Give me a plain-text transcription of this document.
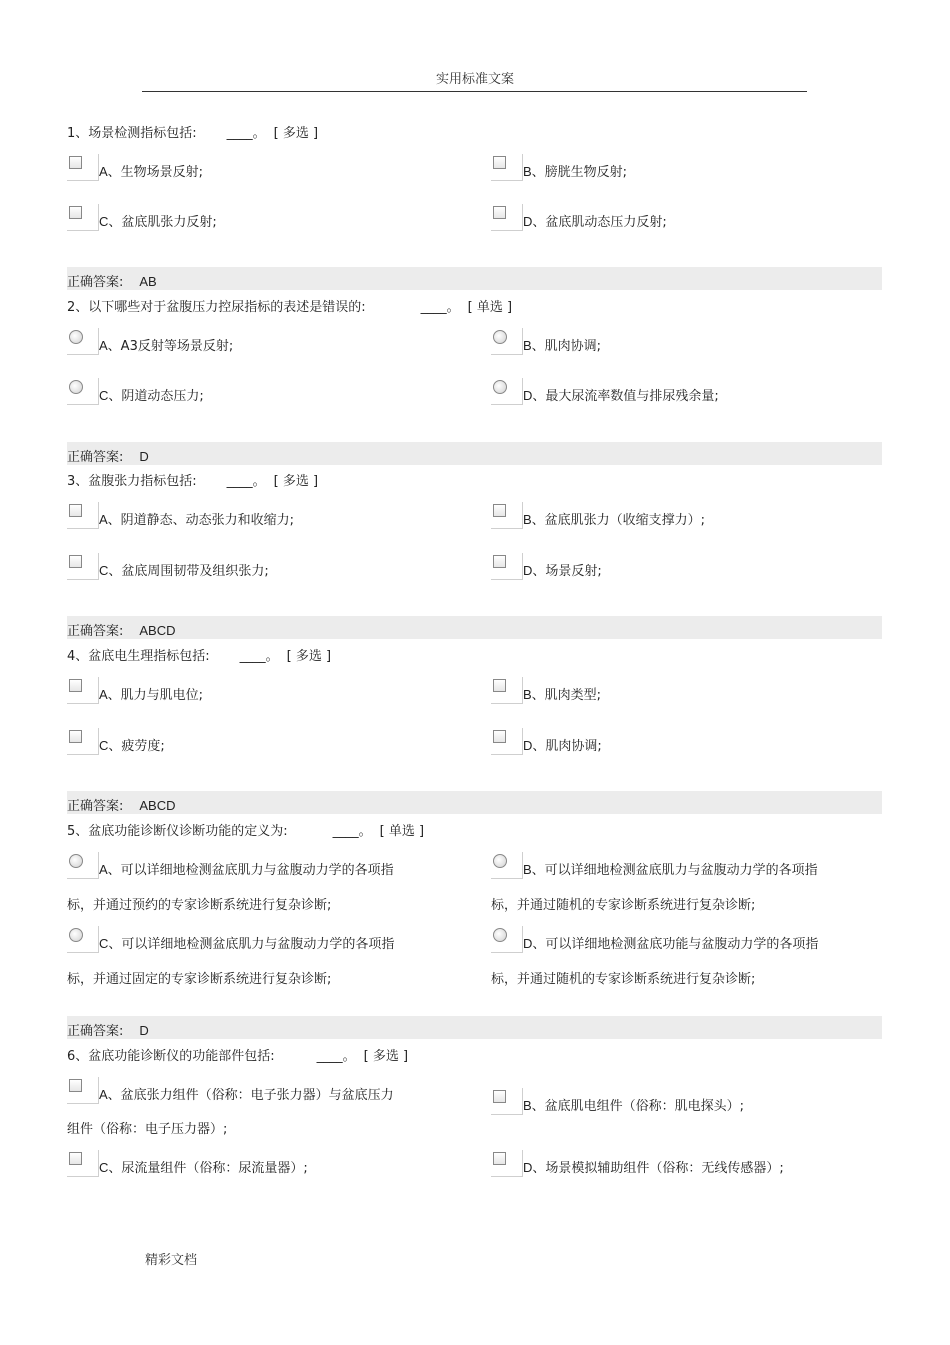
实用标准文案
1、场景检测指标包括: ____。 [ 多选 ]
A、生物场景反射;	B、膀胱生物反射;
C、盆底肌张力反射;	D、盆底肌动态压力反射;
正确答案: AB
2、以下哪些对于盆腹压力控尿指标的表述是错误的:	____。 [ 单选 ]
A、A3反射等场景反射;	B、肌肉协调;
C、阴道动态压力;	D、最大尿流率数值与排尿残余量;
正确答案: D
3、盆腹张力指标包括: ____。 [ 多选 ]
A、阴道静态、动态张力和收缩力;	B、盆底肌张力（收缩支撑力）;
C、盆底周围韧带及组织张力;	D、场景反射;
正确答案: ABCD
4、盆底电生理指标包括: ____。 [ 多选 ]
A、肌力与肌电位;	B、肌肉类型;
C、疲劳度;	D、肌肉协调;
正确答案: ABCD
5、盆底功能诊断仪诊断功能的定义为:	____。 [ 单选 ]
A、可以详细地检测盆底肌力与盆腹动力学的各项指
标，并通过预约的专家诊断系统进行复杂诊断;
B、可以详细地检测盆底肌力与盆腹动力学的各项指
标，并通过随机的专家诊断系统进行复杂诊断;
C、可以详细地检测盆底肌力与盆腹动力学的各项指
标，并通过固定的专家诊断系统进行复杂诊断;
D、可以详细地检测盆底功能与盆腹动力学的各项指
标，并通过随机的专家诊断系统进行复杂诊断;
正确答案: D
6、盆底功能诊断仪的功能部件包括:	____。 [ 多选 ]
A、盆底张力组件（俗称：电子张力器）与盆底压力
组件（俗称：电子压力器）;
B、盆底肌电组件（俗称：肌电探头）;
C、尿流量组件（俗称：尿流量器）;	D、场景模拟辅助组件（俗称：无线传感器）;
精彩文档
